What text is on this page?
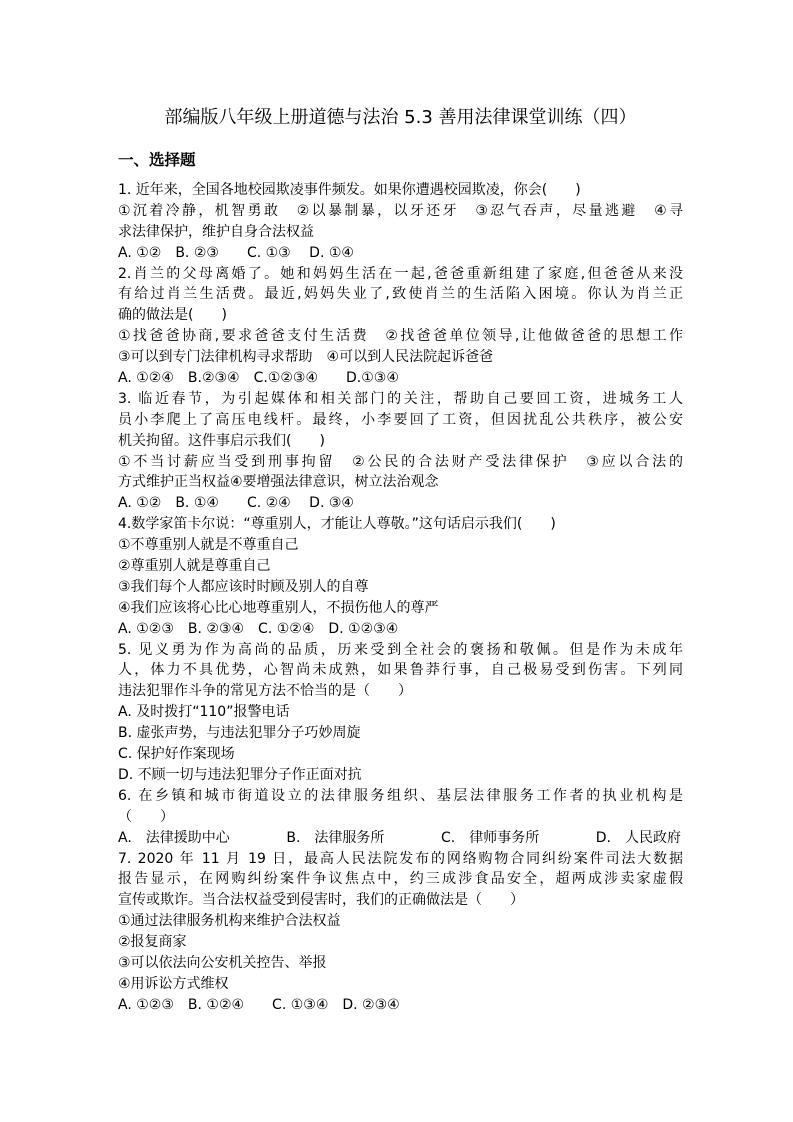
部编版八年级上册道德与法治 5.3 善用法律课堂训练（四）
一、选择题
1. 近年来，全国各地校园欺凌事件频发。如果你遭遇校园欺凌，你会(　　)
①沉着冷静，机智勇敢　②以暴制暴，以牙还牙　③忍气吞声，尽量逃避　④寻
求法律保护，维护自身合法权益
A. ①②　B. ②③　　C. ①③　 D. ①④
2.肖兰的父母离婚了。她和妈妈生活在一起,爸爸重新组建了家庭,但爸爸从来没
有给过肖兰生活费。最近,妈妈失业了,致使肖兰的生活陷入困境。你认为肖兰正
确的做法是(　　)
①找爸爸协商,要求爸爸支付生活费　②找爸爸单位领导,让他做爸爸的思想工作
③可以到专门法律机构寻求帮助　④可以到人民法院起诉爸爸
A. ①②④　B.②③④　C.①②③④　　D.①③④
3. 临近春节，为引起媒体和相关部门的关注，帮助自己要回工资，进城务工人
员小李爬上了高压电线杆。最终，小李要回了工资，但因扰乱公共秩序，被公安
机关拘留。这件事启示我们(　　)
①不当讨薪应当受到刑事拘留　②公民的合法财产受法律保护　③应以合法的
方式维护正当权益④要增强法律意识，树立法治观念
A. ①②　B. ①④　　C. ②④　 D. ③④
4.数学家笛卡尔说：“尊重别人，才能让人尊敬。”这句话启示我们(　　)
①不尊重别人就是不尊重自己
②尊重别人就是尊重自己
③我们每个人都应该时时顾及别人的自尊
④我们应该将心比心地尊重别人，不损伤他人的尊严
A. ①②③　B. ②③④　C. ①②④　D. ①②③④
5. 见义勇为作为高尚的品质，历来受到全社会的褒扬和敬佩。但是作为未成年
人，体力不具优势，心智尚未成熟，如果鲁莽行事，自己极易受到伤害。下列同
违法犯罪作斗争的常见方法不恰当的是（　　）
A. 及时拨打“110”报警电话
B. 虚张声势，与违法犯罪分子巧妙周旋
C. 保护好作案现场
D. 不顾一切与违法犯罪分子作正面对抗
6. 在乡镇和城市街道设立的法律服务组织、基层法律服务工作者的执业机构是
（　　）
A.　法律援助中心	B.　法律服务所	C.　律师事务所	D.　人民政府
7. 2020 年 11 月 19 日，最高人民法院发布的网络购物合同纠纷案件司法大数据
报告显示，在网购纠纷案件争议焦点中，约三成涉食品安全，超两成涉卖家虚假
宣传或欺诈。当合法权益受到侵害时，我们的正确做法是（　　）
①通过法律服务机构来维护合法权益
②报复商家
③可以依法向公安机关控告、举报
④用诉讼方式维权
A. ①②③　B. ①②④　　C. ①③④　D. ②③④
